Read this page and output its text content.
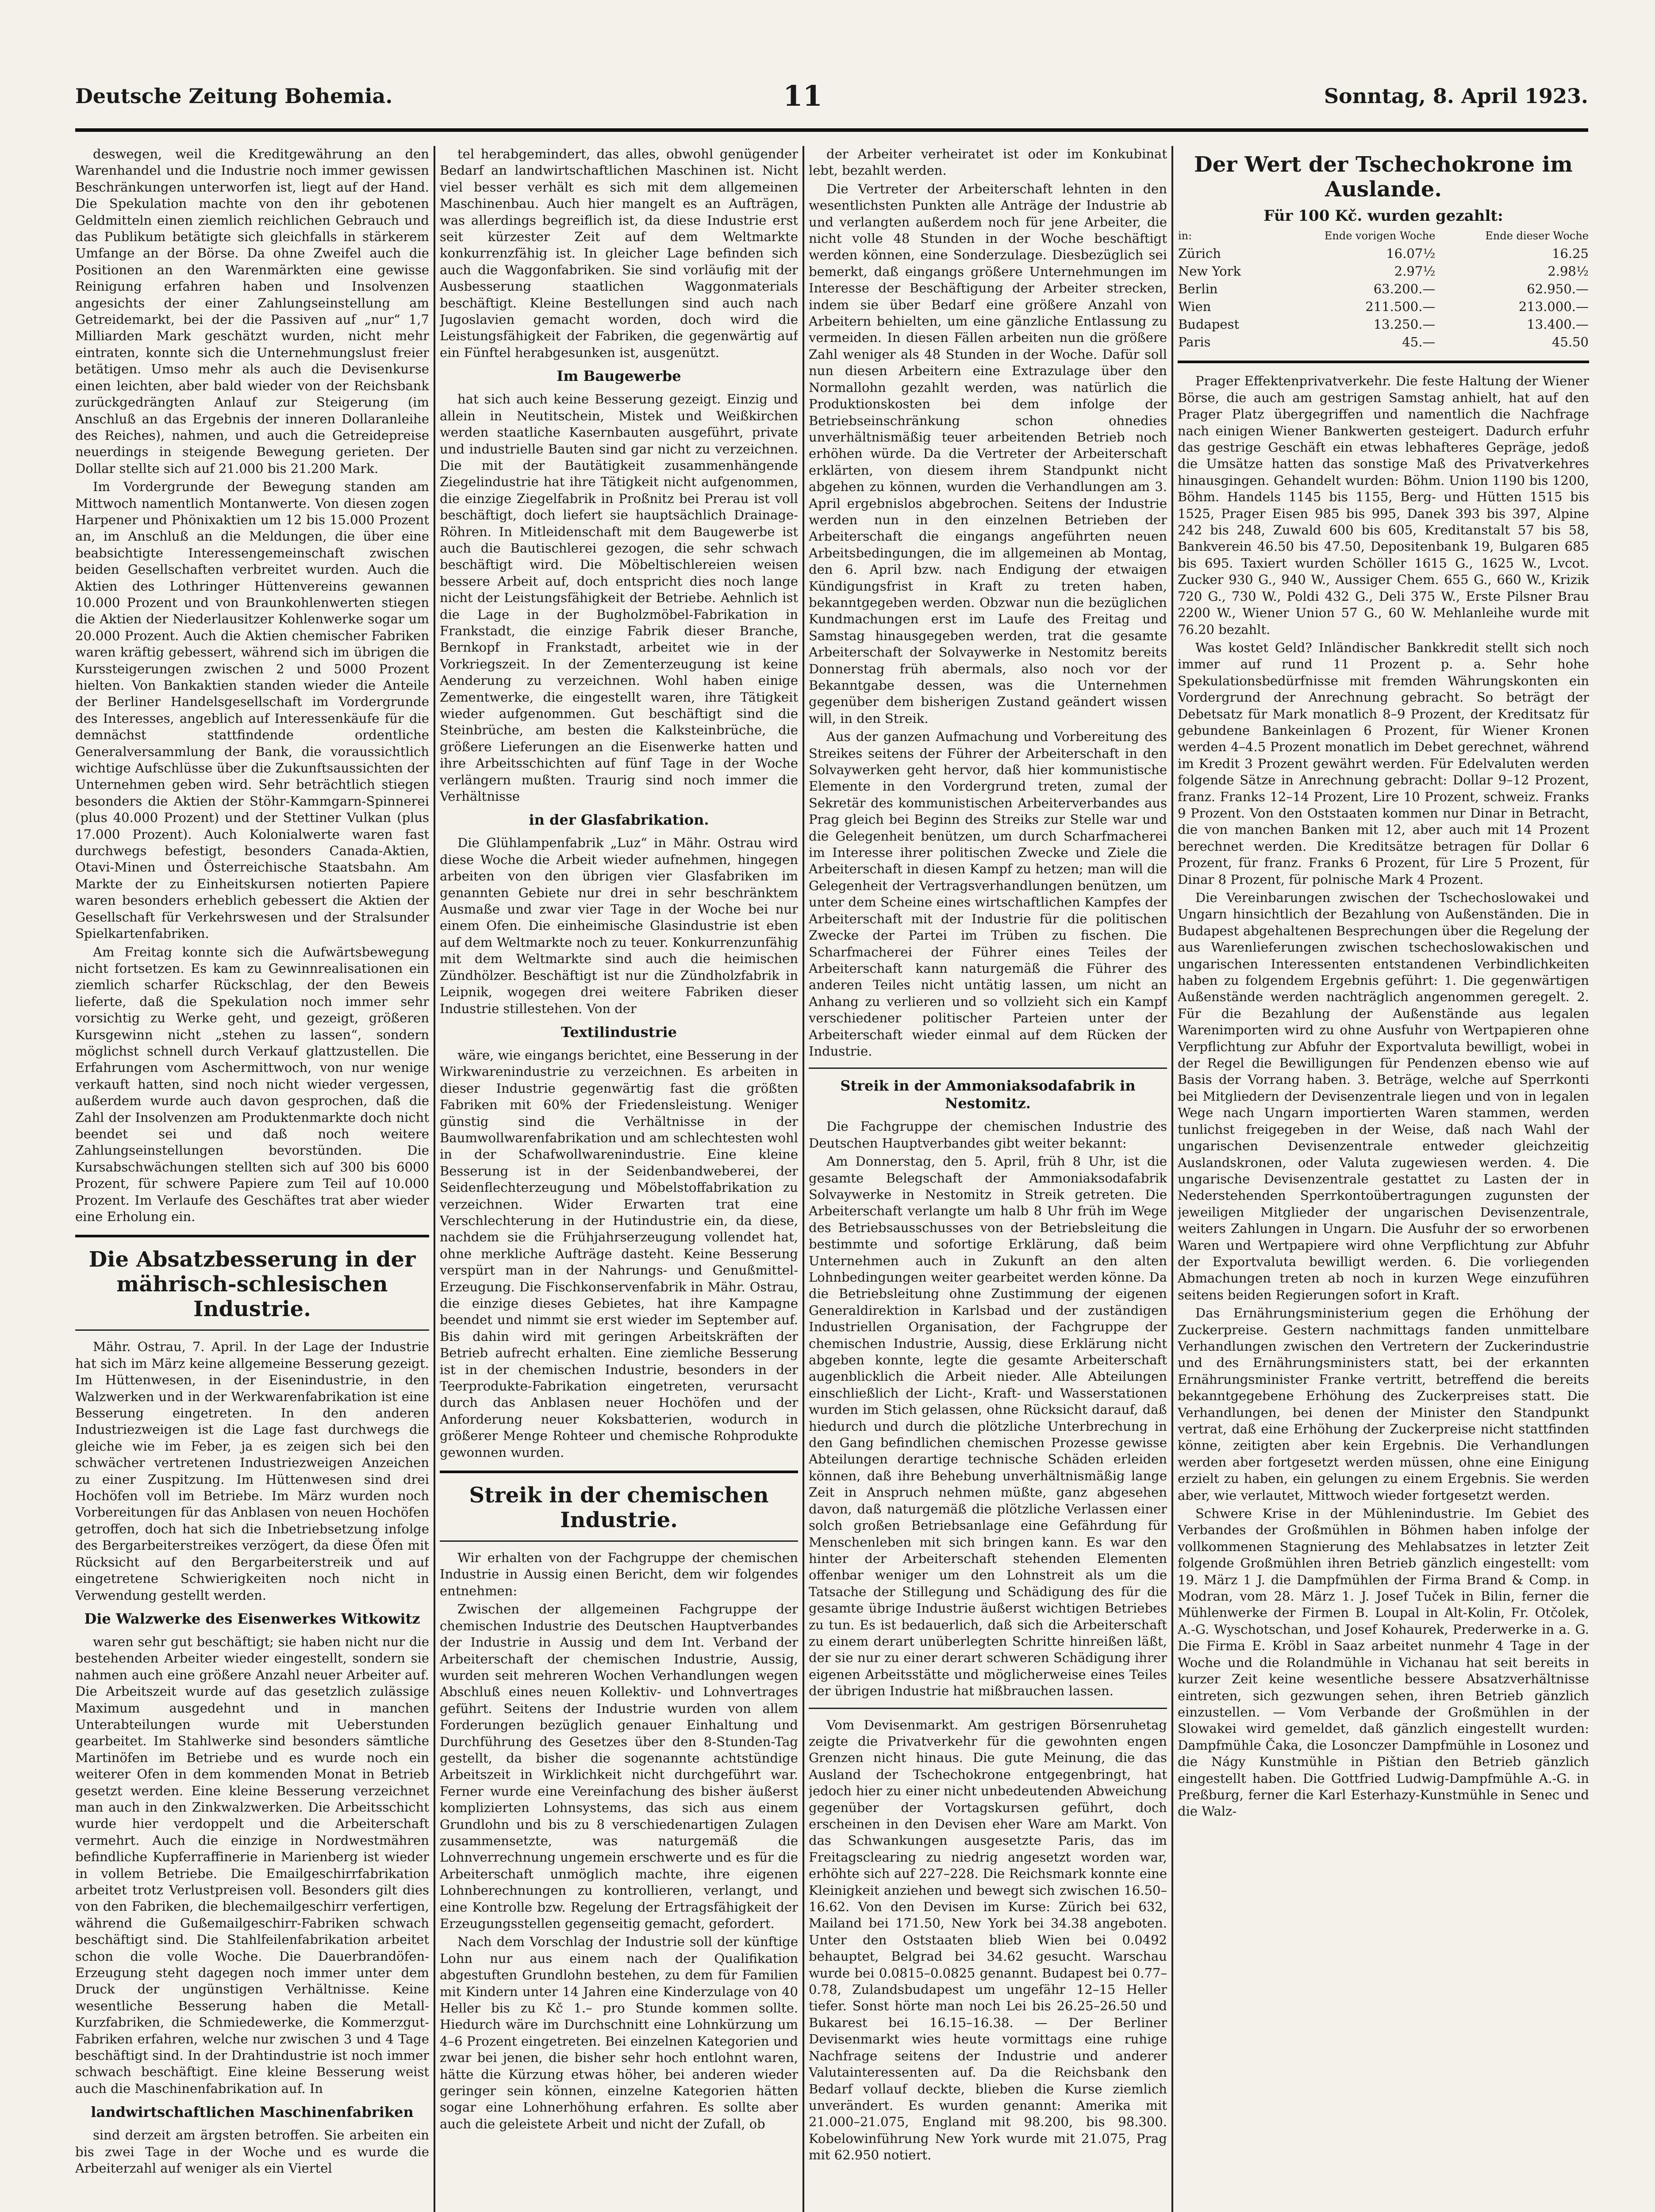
Deutsche Zeitung Bohemia.	11	Sonntag, 8. April 1923.

deswegen, weil die Kreditgewährung an den Warenhandel und die Industrie noch immer gewissen Beschränkungen unterworfen ist, liegt auf der Hand. Die Spekulation machte von den ihr gebotenen Geldmitteln einen ziemlich reichlichen Gebrauch und das Publikum betätigte sich gleichfalls in stärkerem Umfange an der Börse. Da ohne Zweifel auch die Positionen an den Warenmärkten eine gewisse Reinigung erfahren haben und Insolvenzen angesichts der einer Zahlungseinstellung am Getreidemarkt, bei der die Passiven auf „nur“ 1,7 Milliarden Mark geschätzt wurden, nicht mehr eintraten, konnte sich die Unternehmungslust freier betätigen. Umso mehr als auch die Devisenkurse einen leichten, aber bald wieder von der Reichsbank zurückgedrängten Anlauf zur Steigerung (im Anschluß an das Ergebnis der inneren Dollaranleihe des Reiches), nahmen, und auch die Getreidepreise neuerdings in steigende Bewegung gerieten. Der Dollar stellte sich auf 21.000 bis 21.200 Mark.

Im Vordergrunde der Bewegung standen am Mittwoch namentlich Montanwerte. Von diesen zogen Harpener und Phönixaktien um 12 bis 15.000 Prozent an, im Anschluß an die Meldungen, die über eine beabsichtigte Interessengemeinschaft zwischen beiden Gesellschaften verbreitet wurden. Auch die Aktien des Lothringer Hüttenvereins gewannen 10.000 Prozent und von Braunkohlenwerten stiegen die Aktien der Niederlausitzer Kohlenwerke sogar um 20.000 Prozent. Auch die Aktien chemischer Fabriken waren kräftig gebessert, während sich im übrigen die Kurssteigerungen zwischen 2 und 5000 Prozent hielten. Von Bankaktien standen wieder die Anteile der Berliner Handelsgesellschaft im Vordergrunde des Interesses, angeblich auf Interessenkäufe für die demnächst stattfindende ordentliche Generalversammlung der Bank, die voraussichtlich wichtige Aufschlüsse über die Zukunftsaussichten der Unternehmen geben wird. Sehr beträchtlich stiegen besonders die Aktien der Stöhr-Kammgarn-Spinnerei (plus 40.000 Prozent) und der Stettiner Vulkan (plus 17.000 Prozent). Auch Kolonialwerte waren fast durchwegs befestigt, besonders Canada-Aktien, Otavi-Minen und Österreichische Staatsbahn. Am Markte der zu Einheitskursen notierten Papiere waren besonders erheblich gebessert die Aktien der Gesellschaft für Verkehrswesen und der Stralsunder Spielkartenfabriken.

Am Freitag konnte sich die Aufwärtsbewegung nicht fortsetzen. Es kam zu Gewinnrealisationen ein ziemlich scharfer Rückschlag, der den Beweis lieferte, daß die Spekulation noch immer sehr vorsichtig zu Werke geht, und gezeigt, größeren Kursgewinn nicht „stehen zu lassen“, sondern möglichst schnell durch Verkauf glattzustellen. Die Erfahrungen vom Aschermittwoch, von nur wenige verkauft hatten, sind noch nicht wieder vergessen, außerdem wurde auch davon gesprochen, daß die Zahl der Insolvenzen am Produktenmarkte doch nicht beendet sei und daß noch weitere Zahlungseinstellungen bevorstünden. Die Kursabschwächungen stellten sich auf 300 bis 6000 Prozent, für schwere Papiere zum Teil auf 10.000 Prozent. Im Verlaufe des Geschäftes trat aber wieder eine Erholung ein.

Die Absatzbesserung in der mährisch-schlesischen Industrie.

Mähr. Ostrau, 7. April. In der Lage der Industrie hat sich im März keine allgemeine Besserung gezeigt. Im Hüttenwesen, in der Eisenindustrie, in den Walzwerken und in der Werkwarenfabrikation ist eine Besserung eingetreten. In den anderen Industriezweigen ist die Lage fast durchwegs die gleiche wie im Feber, ja es zeigen sich bei den schwächer vertretenen Industriezweigen Anzeichen zu einer Zuspitzung. Im Hüttenwesen sind drei Hochöfen voll im Betriebe. Im März wurden noch Vorbereitungen für das Anblasen von neuen Hochöfen getroffen, doch hat sich die Inbetriebsetzung infolge des Bergarbeiterstreikes verzögert, da diese Öfen mit Rücksicht auf den Bergarbeiterstreik und auf eingetretene Schwierigkeiten noch nicht in Verwendung gestellt werden.

Die Walzwerke des Eisenwerkes Witkowitz

waren sehr gut beschäftigt; sie haben nicht nur die bestehenden Arbeiter wieder eingestellt, sondern sie nahmen auch eine größere Anzahl neuer Arbeiter auf. Die Arbeitszeit wurde auf das gesetzlich zulässige Maximum ausgedehnt und in manchen Unterabteilungen wurde mit Ueberstunden gearbeitet. Im Stahlwerke sind besonders sämtliche Martinöfen im Betriebe und es wurde noch ein weiterer Ofen in dem kommenden Monat in Betrieb gesetzt werden. Eine kleine Besserung verzeichnet man auch in den Zinkwalzwerken. Die Arbeitsschicht wurde hier verdoppelt und die Arbeiterschaft vermehrt. Auch die einzige in Nordwestmähren befindliche Kupferraffinerie in Marienberg ist wieder in vollem Betriebe. Die Emailgeschirrfabrikation arbeitet trotz Verlustpreisen voll. Besonders gilt dies von den Fabriken, die blechemailgeschirr verfertigen, während die Gußemailgeschirr-Fabriken schwach beschäftigt sind. Die Stahlfeilenfabrikation arbeitet schon die volle Woche. Die Dauerbrandöfen-Erzeugung steht dagegen noch immer unter dem Druck der ungünstigen Verhältnisse. Keine wesentliche Besserung haben die Metall-Kurzfabriken, die Schmiedewerke, die Kommerzgut-Fabriken erfahren, welche nur zwischen 3 und 4 Tage beschäftigt sind. In der Drahtindustrie ist noch immer schwach beschäftigt. Eine kleine Besserung weist auch die Maschinenfabrikation auf. In

landwirtschaftlichen Maschinenfabriken

sind derzeit am ärgsten betroffen. Sie arbeiten ein bis zwei Tage in der Woche und es wurde die Arbeiterzahl auf weniger als ein Viertel

tel herabgemindert, das alles, obwohl genügender Bedarf an landwirtschaftlichen Maschinen ist. Nicht viel besser verhält es sich mit dem allgemeinen Maschinenbau. Auch hier mangelt es an Aufträgen, was allerdings begreiflich ist, da diese Industrie erst seit kürzester Zeit auf dem Weltmarkte konkurrenzfähig ist. In gleicher Lage befinden sich auch die Waggonfabriken. Sie sind vorläufig mit der Ausbesserung staatlichen Waggonmaterials beschäftigt. Kleine Bestellungen sind auch nach Jugoslavien gemacht worden, doch wird die Leistungsfähigkeit der Fabriken, die gegenwärtig auf ein Fünftel herabgesunken ist, ausgenützt.

Im Baugewerbe

hat sich auch keine Besserung gezeigt. Einzig und allein in Neutitschein, Mistek und Weißkirchen werden staatliche Kasernbauten ausgeführt, private und industrielle Bauten sind gar nicht zu verzeichnen. Die mit der Bautätigkeit zusammenhängende Ziegelindustrie hat ihre Tätigkeit nicht aufgenommen, die einzige Ziegelfabrik in Proßnitz bei Prerau ist voll beschäftigt, doch liefert sie hauptsächlich Drainage-Röhren. In Mitleidenschaft mit dem Baugewerbe ist auch die Bautischlerei gezogen, die sehr schwach beschäftigt wird. Die Möbeltischlereien weisen bessere Arbeit auf, doch entspricht dies noch lange nicht der Leistungsfähigkeit der Betriebe. Aehnlich ist die Lage in der Bugholzmöbel-Fabrikation in Frankstadt, die einzige Fabrik dieser Branche, Bernkopf in Frankstadt, arbeitet wie in der Vorkriegszeit. In der Zementerzeugung ist keine Aenderung zu verzeichnen. Wohl haben einige Zementwerke, die eingestellt waren, ihre Tätigkeit wieder aufgenommen. Gut beschäftigt sind die Steinbrüche, am besten die Kalksteinbrüche, die größere Lieferungen an die Eisenwerke hatten und ihre Arbeitsschichten auf fünf Tage in der Woche verlängern mußten. Traurig sind noch immer die Verhältnisse

in der Glasfabrikation.

Die Glühlampenfabrik „Luz“ in Mähr. Ostrau wird diese Woche die Arbeit wieder aufnehmen, hingegen arbeiten von den übrigen vier Glasfabriken im genannten Gebiete nur drei in sehr beschränktem Ausmaße und zwar vier Tage in der Woche bei nur einem Ofen. Die einheimische Glasindustrie ist eben auf dem Weltmarkte noch zu teuer. Konkurrenzunfähig mit dem Weltmarkte sind auch die heimischen Zündhölzer. Beschäftigt ist nur die Zündholzfabrik in Leipnik, wogegen drei weitere Fabriken dieser Industrie stillestehen. Von der

Textilindustrie

wäre, wie eingangs berichtet, eine Besserung in der Wirkwarenindustrie zu verzeichnen. Es arbeiten in dieser Industrie gegenwärtig fast die größten Fabriken mit 60% der Friedensleistung. Weniger günstig sind die Verhältnisse in der Baumwollwarenfabrikation und am schlechtesten wohl in der Schafwollwarenindustrie. Eine kleine Besserung ist in der Seidenbandweberei, der Seidenflechterzeugung und Möbelstoffabrikation zu verzeichnen. Wider Erwarten trat eine Verschlechterung in der Hutindustrie ein, da diese, nachdem sie die Frühjahrserzeugung vollendet hat, ohne merkliche Aufträge dasteht. Keine Besserung verspürt man in der Nahrungs- und Genußmittel-Erzeugung. Die Fischkonservenfabrik in Mähr. Ostrau, die einzige dieses Gebietes, hat ihre Kampagne beendet und nimmt sie erst wieder im September auf. Bis dahin wird mit geringen Arbeitskräften der Betrieb aufrecht erhalten. Eine ziemliche Besserung ist in der chemischen Industrie, besonders in der Teerprodukte-Fabrikation eingetreten, verursacht durch das Anblasen neuer Hochöfen und der Anforderung neuer Koksbatterien, wodurch in größerer Menge Rohteer und chemische Rohprodukte gewonnen wurden.

Streik in der chemischen Industrie.

Wir erhalten von der Fachgruppe der chemischen Industrie in Aussig einen Bericht, dem wir folgendes entnehmen:

Zwischen der allgemeinen Fachgruppe der chemischen Industrie des Deutschen Hauptverbandes der Industrie in Aussig und dem Int. Verband der Arbeiterschaft der chemischen Industrie, Aussig, wurden seit mehreren Wochen Verhandlungen wegen Abschluß eines neuen Kollektiv- und Lohnvertrages geführt. Seitens der Industrie wurden von allem Forderungen bezüglich genauer Einhaltung und Durchführung des Gesetzes über den 8-Stunden-Tag gestellt, da bisher die sogenannte achtstündige Arbeitszeit in Wirklichkeit nicht durchgeführt war. Ferner wurde eine Vereinfachung des bisher äußerst komplizierten Lohnsystems, das sich aus einem Grundlohn und bis zu 8 verschiedenartigen Zulagen zusammensetzte, was naturgemäß die Lohnverrechnung ungemein erschwerte und es für die Arbeiterschaft unmöglich machte, ihre eigenen Lohnberechnungen zu kontrollieren, verlangt, und eine Kontrolle bzw. Regelung der Ertragsfähigkeit der Erzeugungsstellen gegenseitig gemacht, gefordert.

Nach dem Vorschlag der Industrie soll der künftige Lohn nur aus einem nach der Qualifikation abgestuften Grundlohn bestehen, zu dem für Familien mit Kindern unter 14 Jahren eine Kinderzulage von 40 Heller bis zu Kč 1.– pro Stunde kommen sollte. Hiedurch wäre im Durchschnitt eine Lohnkürzung um 4–6 Prozent eingetreten. Bei einzelnen Kategorien und zwar bei jenen, die bisher sehr hoch entlohnt waren, hätte die Kürzung etwas höher, bei anderen wieder geringer sein können, einzelne Kategorien hätten sogar eine Lohnerhöhung erfahren. Es sollte aber auch die geleistete Arbeit und nicht der Zufall, ob

der Arbeiter verheiratet ist oder im Konkubinat lebt, bezahlt werden.

Die Vertreter der Arbeiterschaft lehnten in den wesentlichsten Punkten alle Anträge der Industrie ab und verlangten außerdem noch für jene Arbeiter, die nicht volle 48 Stunden in der Woche beschäftigt werden können, eine Sonderzulage. Diesbezüglich sei bemerkt, daß eingangs größere Unternehmungen im Interesse der Beschäftigung der Arbeiter strecken, indem sie über Bedarf eine größere Anzahl von Arbeitern behielten, um eine gänzliche Entlassung zu vermeiden. In diesen Fällen arbeiten nun die größere Zahl weniger als 48 Stunden in der Woche. Dafür soll nun diesen Arbeitern eine Extrazulage über den Normallohn gezahlt werden, was natürlich die Produktionskosten bei dem infolge der Betriebseinschränkung schon ohnedies unverhältnismäßig teuer arbeitenden Betrieb noch erhöhen würde. Da die Vertreter der Arbeiterschaft erklärten, von diesem ihrem Standpunkt nicht abgehen zu können, wurden die Verhandlungen am 3. April ergebnislos abgebrochen. Seitens der Industrie werden nun in den einzelnen Betrieben der Arbeiterschaft die eingangs angeführten neuen Arbeitsbedingungen, die im allgemeinen ab Montag, den 6. April bzw. nach Endigung der etwaigen Kündigungsfrist in Kraft zu treten haben, bekanntgegeben werden. Obzwar nun die bezüglichen Kundmachungen erst im Laufe des Freitag und Samstag hinausgegeben werden, trat die gesamte Arbeiterschaft der Solvaywerke in Nestomitz bereits Donnerstag früh abermals, also noch vor der Bekanntgabe dessen, was die Unternehmen gegenüber dem bisherigen Zustand geändert wissen will, in den Streik.

Aus der ganzen Aufmachung und Vorbereitung des Streikes seitens der Führer der Arbeiterschaft in den Solvaywerken geht hervor, daß hier kommunistische Elemente in den Vordergrund treten, zumal der Sekretär des kommunistischen Arbeiterverbandes aus Prag gleich bei Beginn des Streiks zur Stelle war und die Gelegenheit benützen, um durch Scharfmacherei im Interesse ihrer politischen Zwecke und Ziele die Arbeiterschaft in diesen Kampf zu hetzen; man will die Gelegenheit der Vertragsverhandlungen benützen, um unter dem Scheine eines wirtschaftlichen Kampfes der Arbeiterschaft mit der Industrie für die politischen Zwecke der Partei im Trüben zu fischen. Die Scharfmacherei der Führer eines Teiles der Arbeiterschaft kann naturgemäß die Führer des anderen Teiles nicht untätig lassen, um nicht an Anhang zu verlieren und so vollzieht sich ein Kampf verschiedener politischer Parteien unter der Arbeiterschaft wieder einmal auf dem Rücken der Industrie.

Streik in der Ammoniaksodafabrik in Nestomitz.

Die Fachgruppe der chemischen Industrie des Deutschen Hauptverbandes gibt weiter bekannt:

Am Donnerstag, den 5. April, früh 8 Uhr, ist die gesamte Belegschaft der Ammoniaksodafabrik Solvaywerke in Nestomitz in Streik getreten. Die Arbeiterschaft verlangte um halb 8 Uhr früh im Wege des Betriebsausschusses von der Betriebsleitung die bestimmte und sofortige Erklärung, daß beim Unternehmen auch in Zukunft an den alten Lohnbedingungen weiter gearbeitet werden könne. Da die Betriebsleitung ohne Zustimmung der eigenen Generaldirektion in Karlsbad und der zuständigen Industriellen Organisation, der Fachgruppe der chemischen Industrie, Aussig, diese Erklärung nicht abgeben konnte, legte die gesamte Arbeiterschaft augenblicklich die Arbeit nieder. Alle Abteilungen einschließlich der Licht-, Kraft- und Wasserstationen wurden im Stich gelassen, ohne Rücksicht darauf, daß hiedurch und durch die plötzliche Unterbrechung in den Gang befindlichen chemischen Prozesse gewisse Abteilungen derartige technische Schäden erleiden können, daß ihre Behebung unverhältnismäßig lange Zeit in Anspruch nehmen müßte, ganz abgesehen davon, daß naturgemäß die plötzliche Verlassen einer solch großen Betriebsanlage eine Gefährdung für Menschenleben mit sich bringen kann. Es war den hinter der Arbeiterschaft stehenden Elementen offenbar weniger um den Lohnstreit als um die Tatsache der Stillegung und Schädigung des für die gesamte übrige Industrie äußerst wichtigen Betriebes zu tun. Es ist bedauerlich, daß sich die Arbeiterschaft zu einem derart unüberlegten Schritte hinreißen läßt, der sie nur zu einer derart schweren Schädigung ihrer eigenen Arbeitsstätte und möglicherweise eines Teiles der übrigen Industrie hat mißbrauchen lassen.

Vom Devisenmarkt. Am gestrigen Börsenruhetag zeigte die Privatverkehr für die gewohnten engen Grenzen nicht hinaus. Die gute Meinung, die das Ausland der Tschechokrone entgegenbringt, hat jedoch hier zu einer nicht unbedeutenden Abweichung gegenüber der Vortagskursen geführt, doch erscheinen in den Devisen eher Ware am Markt. Von das Schwankungen ausgesetzte Paris, das im Freitagsclearing zu niedrig angesetzt worden war, erhöhte sich auf 227–228. Die Reichsmark konnte eine Kleinigkeit anziehen und bewegt sich zwischen 16.50–16.62. Von den Devisen im Kurse: Zürich bei 632, Mailand bei 171.50, New York bei 34.38 angeboten. Unter den Oststaaten blieb Wien bei 0.0492 behauptet, Belgrad bei 34.62 gesucht. Warschau wurde bei 0.0815–0.0825 genannt. Budapest bei 0.77–0.78, Zulandsbudapest um ungefähr 12–15 Heller tiefer. Sonst hörte man noch Lei bis 26.25–26.50 und Bukarest bei 16.15–16.38. — Der Berliner Devisenmarkt wies heute vormittags eine ruhige Nachfrage seitens der Industrie und anderer Valutainteressenten auf. Da die Reichsbank den Bedarf vollauf deckte, blieben die Kurse ziemlich unverändert. Es wurden genannt: Amerika mit 21.000–21.075, England mit 98.200, bis 98.300. Kobelowinführung New York wurde mit 21.075, Prag mit 62.950 notiert.

Der Wert der Tschechokrone im Auslande.
Für 100 Kč. wurden gezahlt:
in:	Ende vorigen Woche	Ende dieser Woche
Zürich	16.07½	16.25
New York	2.97½	2.98½
Berlin	63.200.—	62.950.—
Wien	211.500.—	213.000.—
Budapest	13.250.—	13.400.—
Paris	45.—	45.50

Prager Effektenprivatverkehr. Die feste Haltung der Wiener Börse, die auch am gestrigen Samstag anhielt, hat auf den Prager Platz übergegriffen und namentlich die Nachfrage nach einigen Wiener Bankwerten gesteigert. Dadurch erfuhr das gestrige Geschäft ein etwas lebhafteres Gepräge, jedoß die Umsätze hatten das sonstige Maß des Privatverkehres hinausgingen. Gehandelt wurden: Böhm. Union 1190 bis 1200, Böhm. Handels 1145 bis 1155, Berg- und Hütten 1515 bis 1525, Prager Eisen 985 bis 995, Danek 393 bis 397, Alpine 242 bis 248, Zuwald 600 bis 605, Kreditanstalt 57 bis 58, Bankverein 46.50 bis 47.50, Depositenbank 19, Bulgaren 685 bis 695. Taxiert wurden Schöller 1615 G., 1625 W., Lvcot. Zucker 930 G., 940 W., Aussiger Chem. 655 G., 660 W., Krizik 720 G., 730 W., Poldi 432 G., Deli 375 W., Erste Pilsner Brau 2200 W., Wiener Union 57 G., 60 W. Mehlanleihe wurde mit 76.20 bezahlt.

Was kostet Geld? Inländischer Bankkredit stellt sich noch immer auf rund 11 Prozent p. a. Sehr hohe Spekulationsbedürfnisse mit fremden Währungskonten ein Vordergrund der Anrechnung gebracht. So beträgt der Debetsatz für Mark monatlich 8–9 Prozent, der Kreditsatz für gebundene Bankeinlagen 6 Prozent, für Wiener Kronen werden 4–4.5 Prozent monatlich im Debet gerechnet, während im Kredit 3 Prozent gewährt werden. Für Edelvaluten werden folgende Sätze in Anrechnung gebracht: Dollar 9–12 Prozent, franz. Franks 12–14 Prozent, Lire 10 Prozent, schweiz. Franks 9 Prozent. Von den Oststaaten kommen nur Dinar in Betracht, die von manchen Banken mit 12, aber auch mit 14 Prozent berechnet werden. Die Kreditsätze betragen für Dollar 6 Prozent, für franz. Franks 6 Prozent, für Lire 5 Prozent, für Dinar 8 Prozent, für polnische Mark 4 Prozent.

Die Vereinbarungen zwischen der Tschechoslowakei und Ungarn hinsichtlich der Bezahlung von Außenständen. Die in Budapest abgehaltenen Besprechungen über die Regelung der aus Warenlieferungen zwischen tschechoslowakischen und ungarischen Interessenten entstandenen Verbindlichkeiten haben zu folgendem Ergebnis geführt: 1. Die gegenwärtigen Außenstände werden nachträglich angenommen geregelt. 2. Für die Bezahlung der Außenstände aus legalen Warenimporten wird zu ohne Ausfuhr von Wertpapieren ohne Verpflichtung zur Abfuhr der Exportvaluta bewilligt, wobei in der Regel die Bewilligungen für Pendenzen ebenso wie auf Basis der Vorrang haben. 3. Beträge, welche auf Sperrkonti bei Mitgliedern der Devisenzentrale liegen und von in legalen Wege nach Ungarn importierten Waren stammen, werden tunlichst freigegeben in der Weise, daß nach Wahl der ungarischen Devisenzentrale entweder gleichzeitig Auslandskronen, oder Valuta zugewiesen werden. 4. Die ungarische Devisenzentrale gestattet zu Lasten der in Nederstehenden Sperrkontoübertragungen zugunsten der jeweiligen Mitglieder der ungarischen Devisenzentrale, weiters Zahlungen in Ungarn. Die Ausfuhr der so erworbenen Waren und Wertpapiere wird ohne Verpflichtung zur Abfuhr der Exportvaluta bewilligt werden. 6. Die vorliegenden Abmachungen treten ab noch in kurzen Wege einzuführen seitens beiden Regierungen sofort in Kraft.

Das Ernährungsministerium gegen die Erhöhung der Zuckerpreise. Gestern nachmittags fanden unmittelbare Verhandlungen zwischen den Vertretern der Zuckerindustrie und des Ernährungsministers statt, bei der erkannten Ernährungsminister Franke vertritt, betreffend die bereits bekanntgegebene Erhöhung des Zuckerpreises statt. Die Verhandlungen, bei denen der Minister den Standpunkt vertrat, daß eine Erhöhung der Zuckerpreise nicht stattfinden könne, zeitigten aber kein Ergebnis. Die Verhandlungen werden aber fortgesetzt werden müssen, ohne eine Einigung erzielt zu haben, ein gelungen zu einem Ergebnis. Sie werden aber, wie verlautet, Mittwoch wieder fortgesetzt werden.

Schwere Krise in der Mühlenindustrie. Im Gebiet des Verbandes der Großmühlen in Böhmen haben infolge der vollkommenen Stagnierung des Mehlabsatzes in letzter Zeit folgende Großmühlen ihren Betrieb gänzlich eingestellt: vom 19. März 1 J. die Dampfmühlen der Firma Brand & Comp. in Modran, vom 28. März 1. J. Josef Tuček in Bilin, ferner die Mühlenwerke der Firmen B. Loupal in Alt-Kolin, Fr. Otčolek, A.-G. Wyschotschan, und Josef Kohaurek, Prederwerke in a. G. Die Firma E. Kröbl in Saaz arbeitet nunmehr 4 Tage in der Woche und die Rolandmühle in Vichanau hat seit bereits in kurzer Zeit keine wesentliche bessere Absatzverhältnisse eintreten, sich gezwungen sehen, ihren Betrieb gänzlich einzustellen. — Vom Verbande der Großmühlen in der Slowakei wird gemeldet, daß gänzlich eingestellt wurden: Dampfmühle Čaka, die Losonczer Dampfmühle in Losonez und die Nágy Kunstmühle in Pištian den Betrieb gänzlich eingestellt haben. Die Gottfried Ludwig-Dampfmühle A.-G. in Preßburg, ferner die Karl Esterhazy-Kunstmühle in Senec und die Walz-
